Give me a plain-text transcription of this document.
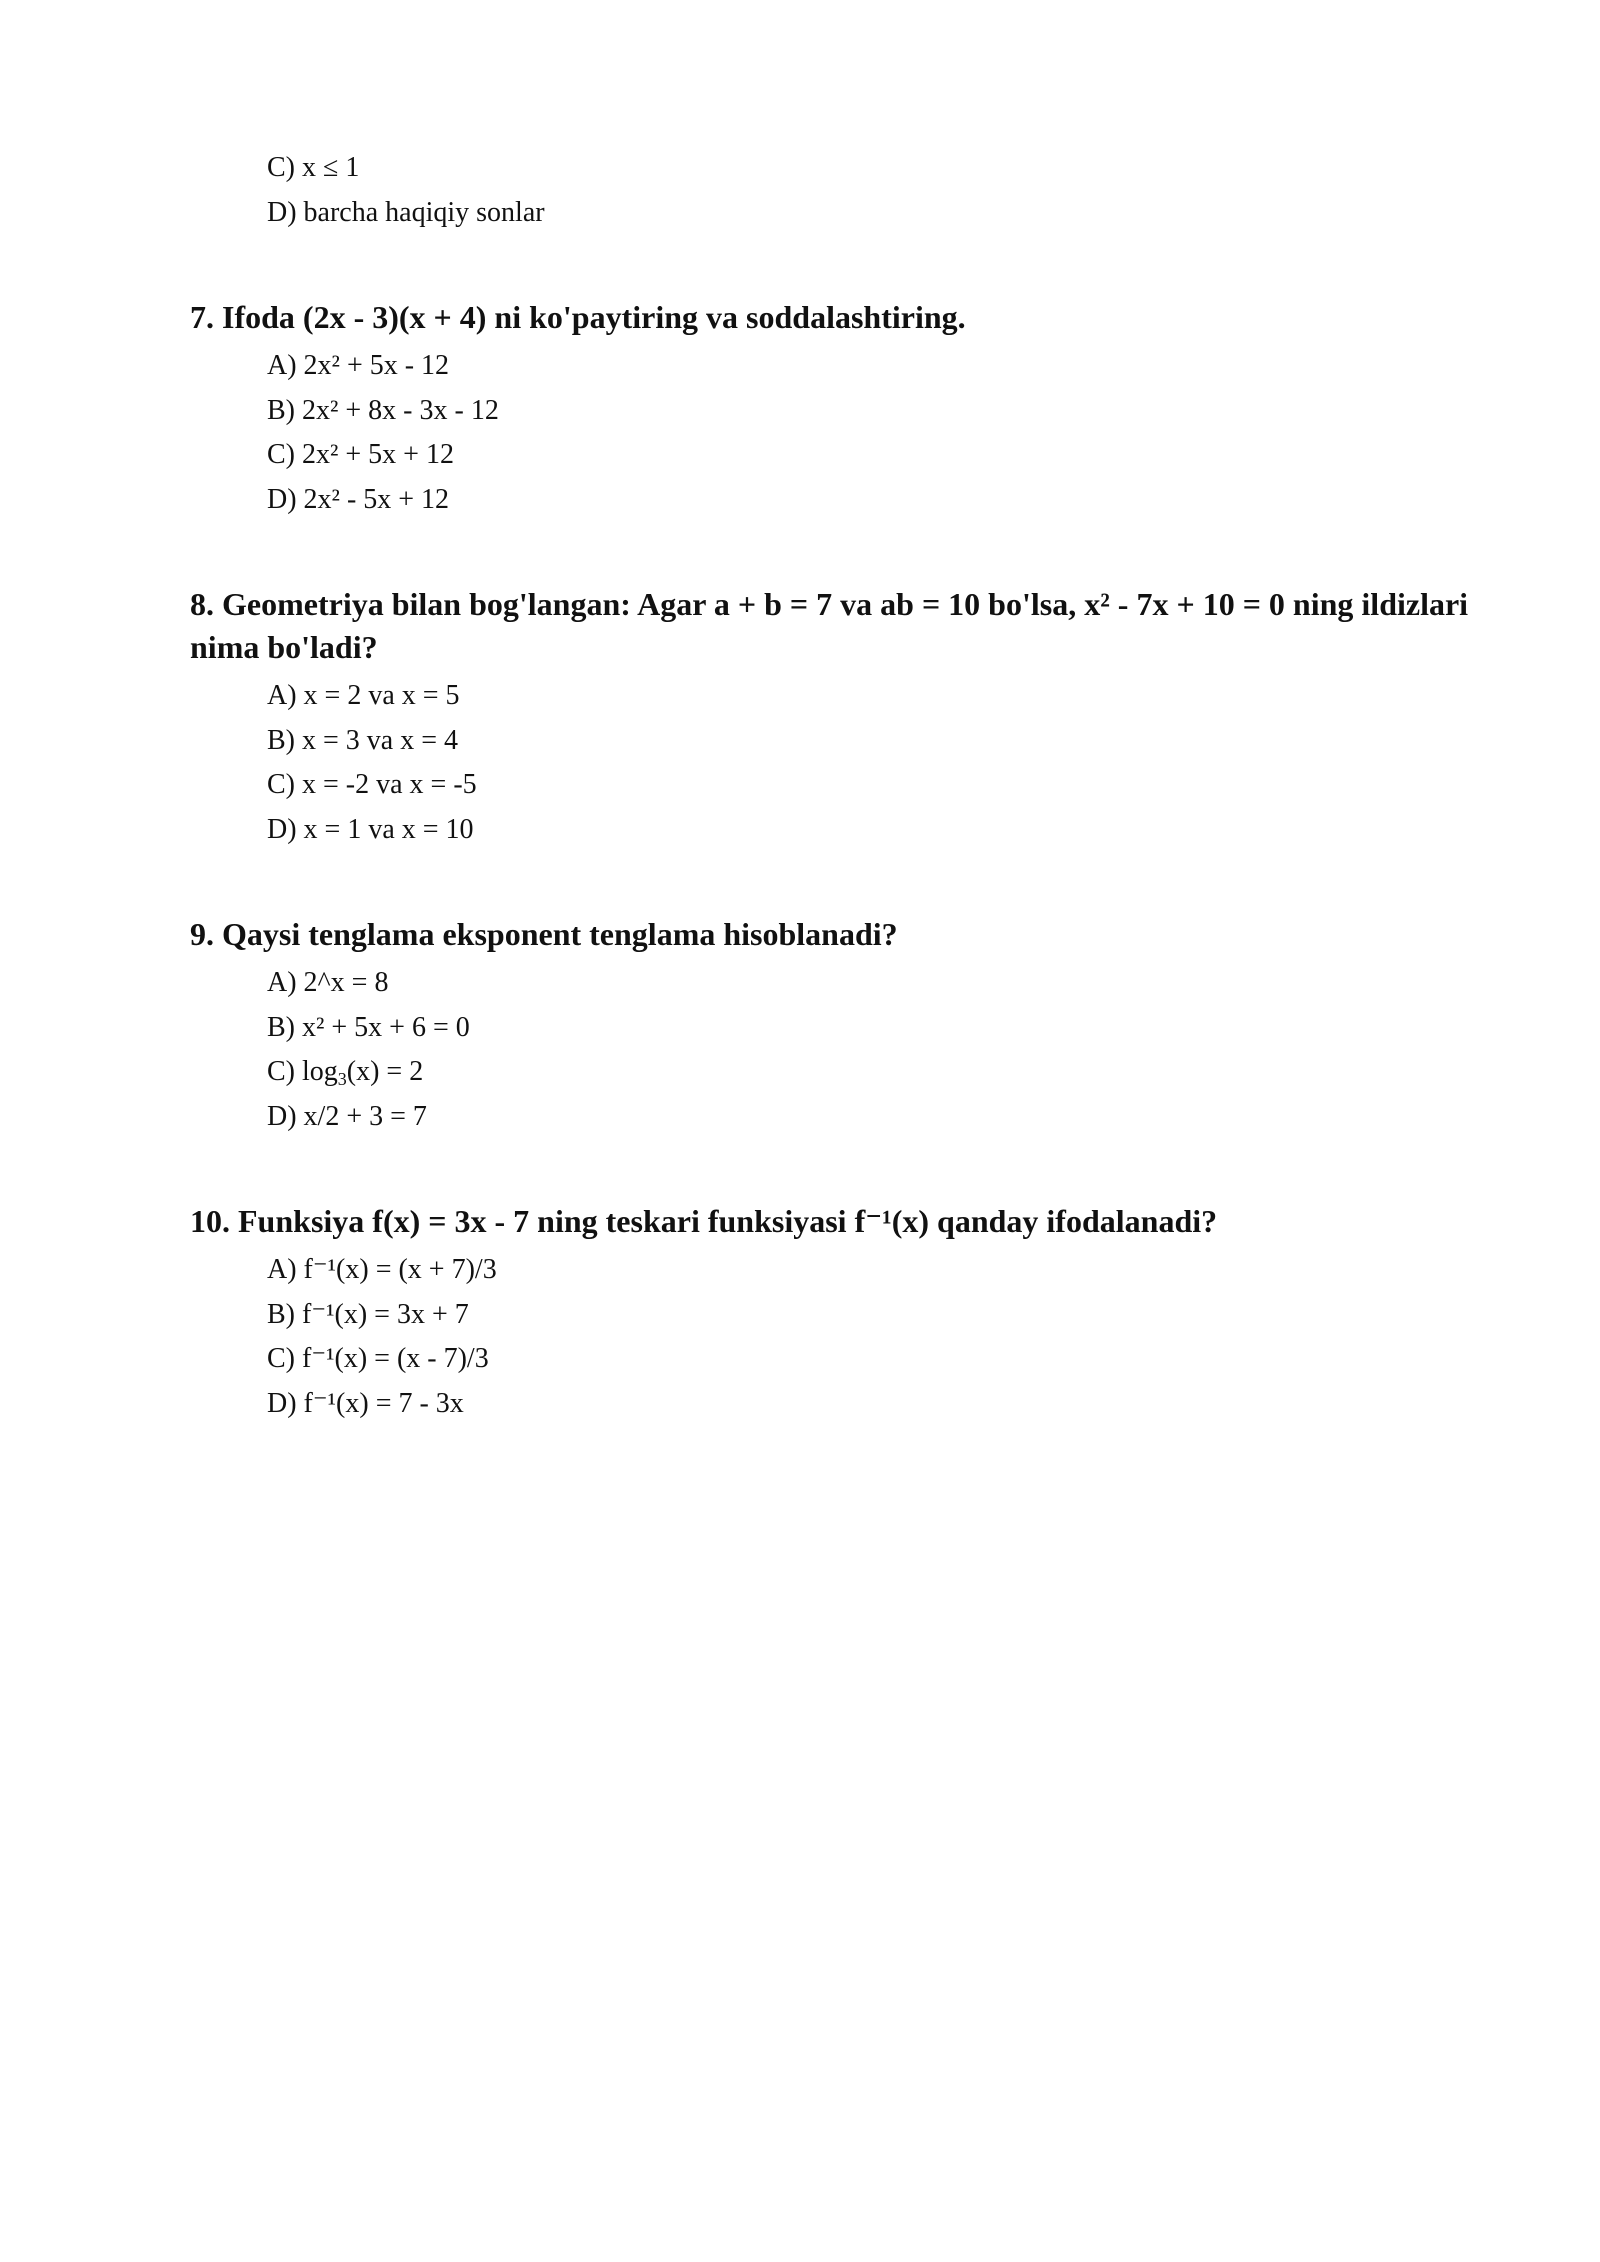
C) x ≤ 1
D) barcha haqiqiy sonlar
7. Ifoda (2x - 3)(x + 4) ni ko'paytiring va soddalashtiring.
A) 2x² + 5x - 12
B) 2x² + 8x - 3x - 12
C) 2x² + 5x + 12
D) 2x² - 5x + 12
8. Geometriya bilan bog'langan: Agar a + b = 7 va ab = 10 bo'lsa, x² - 7x + 10 = 0 ning ildizlari nima bo'ladi?
A) x = 2 va x = 5
B) x = 3 va x = 4
C) x = -2 va x = -5
D) x = 1 va x = 10
9. Qaysi tenglama eksponent tenglama hisoblanadi?
A) 2^x = 8
B) x² + 5x + 6 = 0
C) $\log_3(x) = 2$
D) x/2 + 3 = 7
10. Funksiya f(x) = 3x - 7 ning teskari funksiyasi f⁻¹(x) qanday ifodalanadi?
A) f⁻¹(x) = (x + 7)/3
B) f⁻¹(x) = 3x + 7
C) f⁻¹(x) = (x - 7)/3
D) f⁻¹(x) = 7 - 3x
